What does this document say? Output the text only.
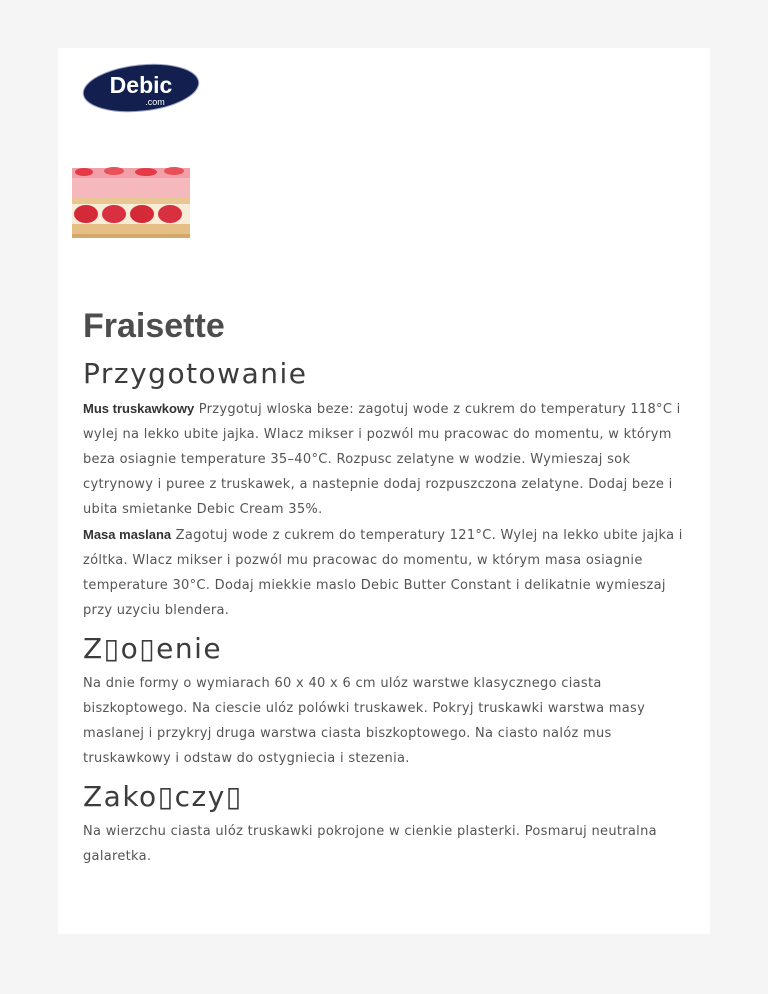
Debic
.com
Fraisette
Przygotowanie

Mus truskawkowy Przygotuj wloska beze: zagotuj wode z cukrem do temperatury 118°C i wylej na lekko ubite jajka. Wlacz mikser i pozwól mu pracowac do momentu, w którym beza osiagnie temperature 35–40°C. Rozpusc zelatyne w wodzie. Wymieszaj sok cytrynowy i puree z truskawek, a nastepnie dodaj rozpuszczona zelatyne. Dodaj beze i ubita smietanke Debic Cream 35%.

Masa maslana Zagotuj wode z cukrem do temperatury 121°C. Wylej na lekko ubite jajka i zóltka. Wlacz mikser i pozwól mu pracowac do momentu, w którym masa osiagnie temperature 30°C. Dodaj miekkie maslo Debic Butter Constant i delikatnie wymieszaj przy uzyciu blendera.

Z▯o▯enie

Na dnie formy o wymiarach 60 x 40 x 6 cm ulóz warstwe klasycznego ciasta biszkoptowego. Na ciescie ulóz polówki truskawek. Pokryj truskawki warstwa masy maslanej i przykryj druga warstwa ciasta biszkoptowego. Na ciasto nalóz mus truskawkowy i odstaw do ostygniecia i stezenia.

Zako▯czy▯

Na wierzchu ciasta ulóz truskawki pokrojone w cienkie plasterki. Posmaruj neutralna galaretka.
